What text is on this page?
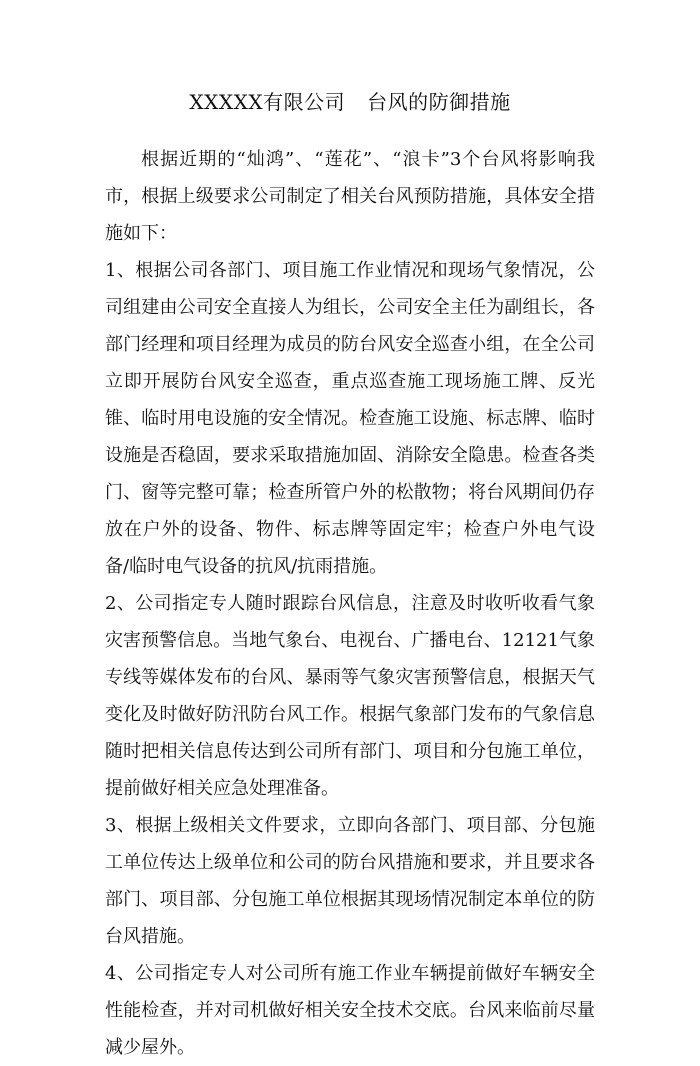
XXXXX有限公司 台风的防御措施

根据近期的“灿鸿”、“莲花”、“浪卡”3个台风将影响我市，根据上级要求公司制定了相关台风预防措施，具体安全措施如下：

1、根据公司各部门、项目施工作业情况和现场气象情况，公司组建由公司安全直接人为组长，公司安全主任为副组长，各部门经理和项目经理为成员的防台风安全巡查小组，在全公司立即开展防台风安全巡查，重点巡查施工现场施工牌、反光锥、临时用电设施的安全情况。检查施工设施、标志牌、临时设施是否稳固，要求采取措施加固、消除安全隐患。检查各类门、窗等完整可靠；检查所管户外的松散物；将台风期间仍存放在户外的设备、物件、标志牌等固定牢；检查户外电气设备/临时电气设备的抗风/抗雨措施。

2、公司指定专人随时跟踪台风信息，注意及时收听收看气象灾害预警信息。当地气象台、电视台、广播电台、12121气象专线等媒体发布的台风、暴雨等气象灾害预警信息，根据天气变化及时做好防汛防台风工作。根据气象部门发布的气象信息随时把相关信息传达到公司所有部门、项目和分包施工单位，提前做好相关应急处理准备。

3、根据上级相关文件要求，立即向各部门、项目部、分包施工单位传达上级单位和公司的防台风措施和要求，并且要求各部门、项目部、分包施工单位根据其现场情况制定本单位的防台风措施。

4、公司指定专人对公司所有施工作业车辆提前做好车辆安全性能检查，并对司机做好相关安全技术交底。台风来临前尽量减少屋外。
